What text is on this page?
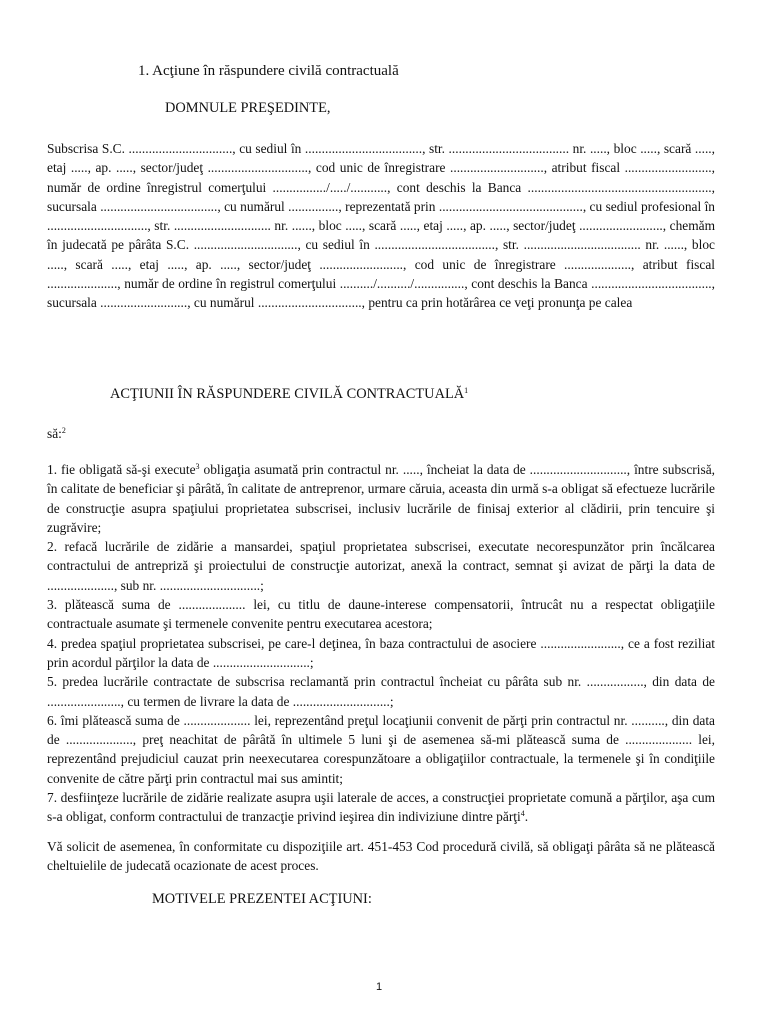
1. Acţiune în răspundere civilă contractuală
DOMNULE PREŞEDINTE,

Subscrisa S.C. ..............................., cu sediul în ..................................., str. .................................... nr. ....., bloc ....., scară ....., etaj ....., ap. ....., sector/judeţ .............................., cod unic de înregistrare ............................, atribut fiscal .........................., număr de ordine înregistrul comerţului ................/...../..........., cont deschis la Banca ......................................................., sucursala ..................................., cu numărul ..............., reprezentată prin ..........................................., cu sediul profesional în .............................., str. ............................. nr. ......, bloc ....., scară ....., etaj ....., ap. ....., sector/judeţ ........................., chemăm în judecată pe pârâta S.C. ..............................., cu sediul în ...................................., str. ................................... nr. ......, bloc ....., scară ....., etaj ....., ap. ....., sector/judeţ ........................., cod unic de înregistrare ...................., atribut fiscal ....................., număr de ordine în registrul comerţului ........../........../..............., cont deschis la Banca ...................................., sucursala .........................., cu numărul ..............................., pentru ca prin hotărârea ce veţi pronunţa pe calea

ACŢIUNII ÎN RĂSPUNDERE CIVILĂ CONTRACTUALĂ$^1$
să:$^2$

1. fie obligată să-şi execute$^3$ obligaţia asumată prin contractul nr. ....., încheiat la data de ............................., între subscrisă, în calitate de beneficiar şi pârâtă, în calitate de antreprenor, urmare căruia, aceasta din urmă s-a obligat să efectueze lucrările de construcţie asupra spaţiului proprietatea subscrisei, inclusiv lucrările de finisaj exterior al clădirii, prin tencuire şi zugrăvire;

2. refacă lucrările de zidărie a mansardei, spaţiul proprietatea subscrisei, executate necorespunzător prin încălcarea contractului de antrepriză şi proiectului de construcţie autorizat, anexă la contract, semnat şi avizat de părţi la data de ...................., sub nr. ..............................;

3. plătească suma de .................... lei, cu titlu de daune-interese compensatorii, întrucât nu a respectat obligaţiile contractuale asumate şi termenele convenite pentru executarea acestora;

4. predea spaţiul proprietatea subscrisei, pe care-l deţinea, în baza contractului de asociere ........................, ce a fost reziliat prin acordul părţilor la data de .............................;

5. predea lucrările contractate de subscrisa reclamantă prin contractul încheiat cu pârâta sub nr. ................., din data de ......................, cu termen de livrare la data de .............................;

6. îmi plătească suma de .................... lei, reprezentând preţul locaţiunii convenit de părţi prin contractul nr. .........., din data de ...................., preţ neachitat de pârâtă în ultimele 5 luni şi de asemenea să-mi plătească suma de .................... lei, reprezentând prejudiciul cauzat prin neexecutarea corespunzătoare a obligaţiilor contractuale, la termenele şi în condiţiile convenite de către părţi prin contractul mai sus amintit;

7. desfiinţeze lucrările de zidărie realizate asupra uşii laterale de acces, a construcţiei proprietate comună a părţilor, aşa cum s-a obligat, conform contractului de tranzacţie privind ieşirea din indiviziune dintre părţi$^4$.

Vă solicit de asemenea, în conformitate cu dispoziţiile art. 451-453 Cod procedură civilă, să obligaţi pârâta să ne plătească cheltuielile de judecată ocazionate de acest proces.

MOTIVELE PREZENTEI ACŢIUNI:
1
